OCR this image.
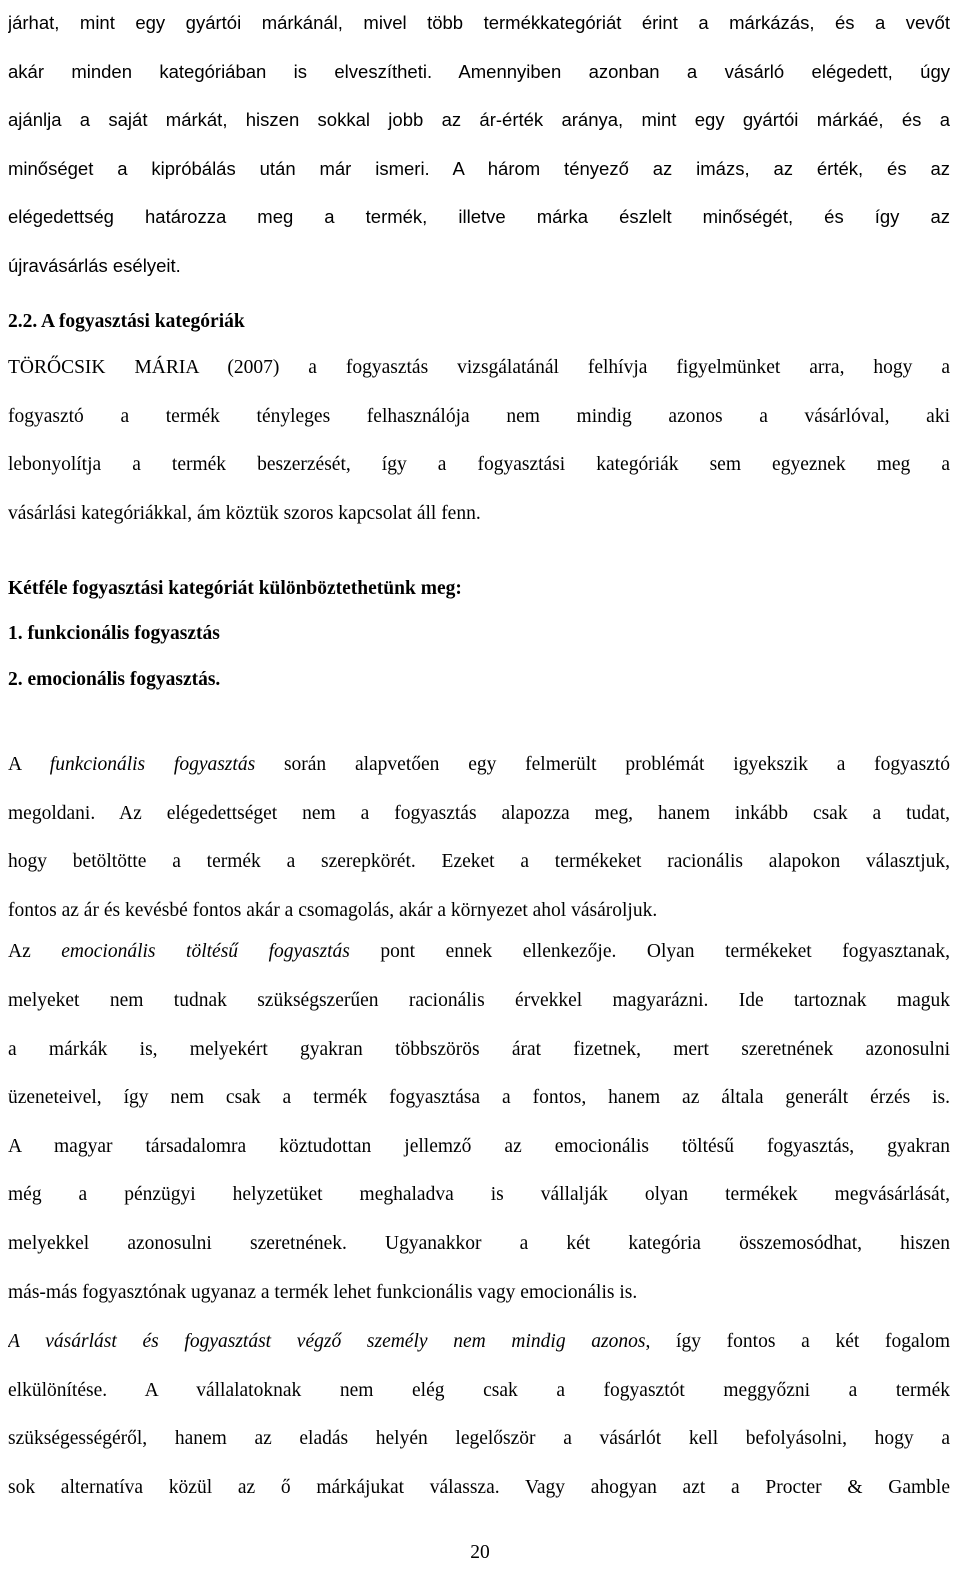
járhat, mint egy gyártói márkánál, mivel több termékkategóriát érint a márkázás, és a vevőt
akár minden kategóriában is elveszítheti. Amennyiben azonban a vásárló elégedett, úgy
ajánlja a saját márkát, hiszen sokkal jobb az ár-érték aránya, mint egy gyártói márkáé, és a
minőséget a kipróbálás után már ismeri. A három tényező az imázs, az érték, és az
elégedettség határozza meg a termék, illetve márka észlelt minőségét, és így az
újravásárlás esélyeit.
2.2. A fogyasztási kategóriák
TÖRŐCSIK MÁRIA (2007) a fogyasztás vizsgálatánál felhívja figyelmünket arra, hogy a
fogyasztó a termék tényleges felhasználója nem mindig azonos a vásárlóval, aki
lebonyolítja a termék beszerzését, így a fogyasztási kategóriák sem egyeznek meg a
vásárlási kategóriákkal, ám köztük szoros kapcsolat áll fenn.
Kétféle fogyasztási kategóriát különböztethetünk meg:
1. funkcionális fogyasztás
2. emocionális fogyasztás.
A funkcionális fogyasztás során alapvetően egy felmerült problémát igyekszik a fogyasztó
megoldani. Az elégedettséget nem a fogyasztás alapozza meg, hanem inkább csak a tudat,
hogy betöltötte a termék a szerepkörét. Ezeket a termékeket racionális alapokon választjuk,
fontos az ár és kevésbé fontos akár a csomagolás, akár a környezet ahol vásároljuk.
Az emocionális töltésű fogyasztás pont ennek ellenkezője. Olyan termékeket fogyasztanak,
melyeket nem tudnak szükségszerűen racionális érvekkel magyarázni. Ide tartoznak maguk
a márkák is, melyekért gyakran többszörös árat fizetnek, mert szeretnének azonosulni
üzeneteivel, így nem csak a termék fogyasztása a fontos, hanem az általa generált érzés is.
A magyar társadalomra köztudottan jellemző az emocionális töltésű fogyasztás, gyakran
még a pénzügyi helyzetüket meghaladva is vállalják olyan termékek megvásárlását,
melyekkel azonosulni szeretnének. Ugyanakkor a két kategória összemosódhat, hiszen
más-más fogyasztónak ugyanaz a termék lehet funkcionális vagy emocionális is.
A vásárlást és fogyasztást végző személy nem mindig azonos, így fontos a két fogalom
elkülönítése. A vállalatoknak nem elég csak a fogyasztót meggyőzni a termék
szükségességéről, hanem az eladás helyén legelőször a vásárlót kell befolyásolni, hogy a
sok alternatíva közül az ő márkájukat válassza. Vagy ahogyan azt a Procter & Gamble
20
